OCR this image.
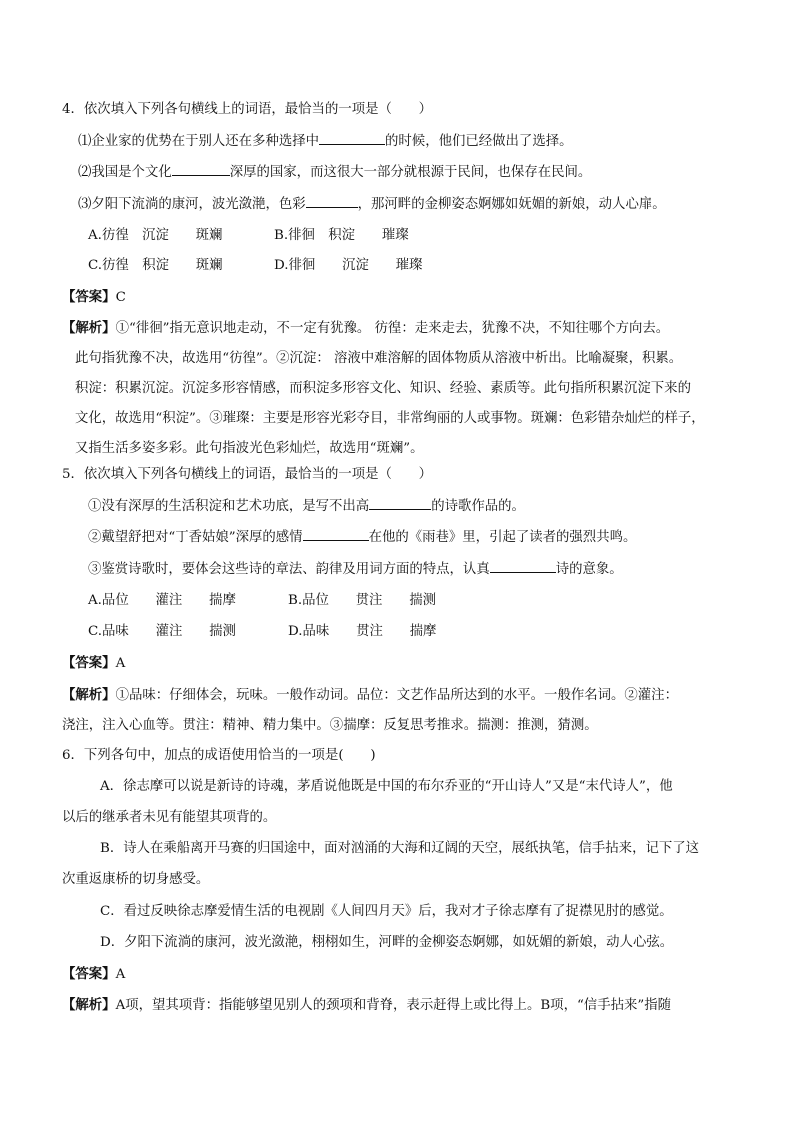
4．依次填入下列各句横线上的词语，最恰当的一项是（　　）
⑴企业家的优势在于别人还在多种选择中	的时候，他们已经做出了选择。
⑵我国是个文化	深厚的国家，而这很大一部分就根源于民间，也保存在民间。
⑶夕阳下流淌的康河，波光潋滟，色彩	，那河畔的金柳姿态婀娜如妩媚的新娘，动人心扉。
A.彷徨　沉淀　　斑斓	B.徘徊　积淀　　璀璨
C.彷徨　积淀　　斑斓	D.徘徊　　沉淀　　璀璨
【答案】C
【解析】①“徘徊”指无意识地走动，不一定有犹豫。 彷徨：走来走去，犹豫不决，不知往哪个方向去。
此句指犹豫不决，故选用“彷徨”。②沉淀： 溶液中难溶解的固体物质从溶液中析出。比喻凝聚，积累。
积淀：积累沉淀。沉淀多形容情感，而积淀多形容文化、知识、经验、素质等。此句指所积累沉淀下来的
文化，故选用“积淀”。③璀璨：主要是形容光彩夺目，非常绚丽的人或事物。斑斓：色彩错杂灿烂的样子，
又指生活多姿多彩。此句指波光色彩灿烂，故选用“斑斓”。
5．依次填入下列各句横线上的词语，最恰当的一项是（　　）
①没有深厚的生活积淀和艺术功底，是写不出高	的诗歌作品的。
②戴望舒把对“丁香姑娘”深厚的感情	在他的《雨巷》里，引起了读者的强烈共鸣。
③鉴赏诗歌时，要体会这些诗的章法、韵律及用词方面的特点，认真	诗的意象。
A.品位　　灌注　　揣摩	B.品位　　贯注　　揣测
C.品味　　灌注　　揣测	D.品味　　贯注　　揣摩
【答案】A
【解析】①品味：仔细体会，玩味。一般作动词。品位：文艺作品所达到的水平。一般作名词。②灌注：
浇注，注入心血等。贯注：精神、精力集中。③揣摩：反复思考推求。揣测：推测，猜测。
6．下列各句中，加点的成语使用恰当的一项是(　　)
A．徐志摩可以说是新诗的诗魂，茅盾说他既是中国的布尔乔亚的“开山诗人”又是“末代诗人”，他
以后的继承者未见有能望其项背的。
B．诗人在乘船离开马赛的归国途中，面对汹涌的大海和辽阔的天空，展纸执笔，信手拈来，记下了这
次重返康桥的切身感受。
C．看过反映徐志摩爱情生活的电视剧《人间四月天》后，我对才子徐志摩有了捉襟见肘的感觉。
D．夕阳下流淌的康河，波光潋滟，栩栩如生，河畔的金柳姿态婀娜，如妩媚的新娘，动人心弦。
【答案】A
【解析】A项，望其项背：指能够望见别人的颈项和背脊，表示赶得上或比得上。B项，“信手拈来”指随
